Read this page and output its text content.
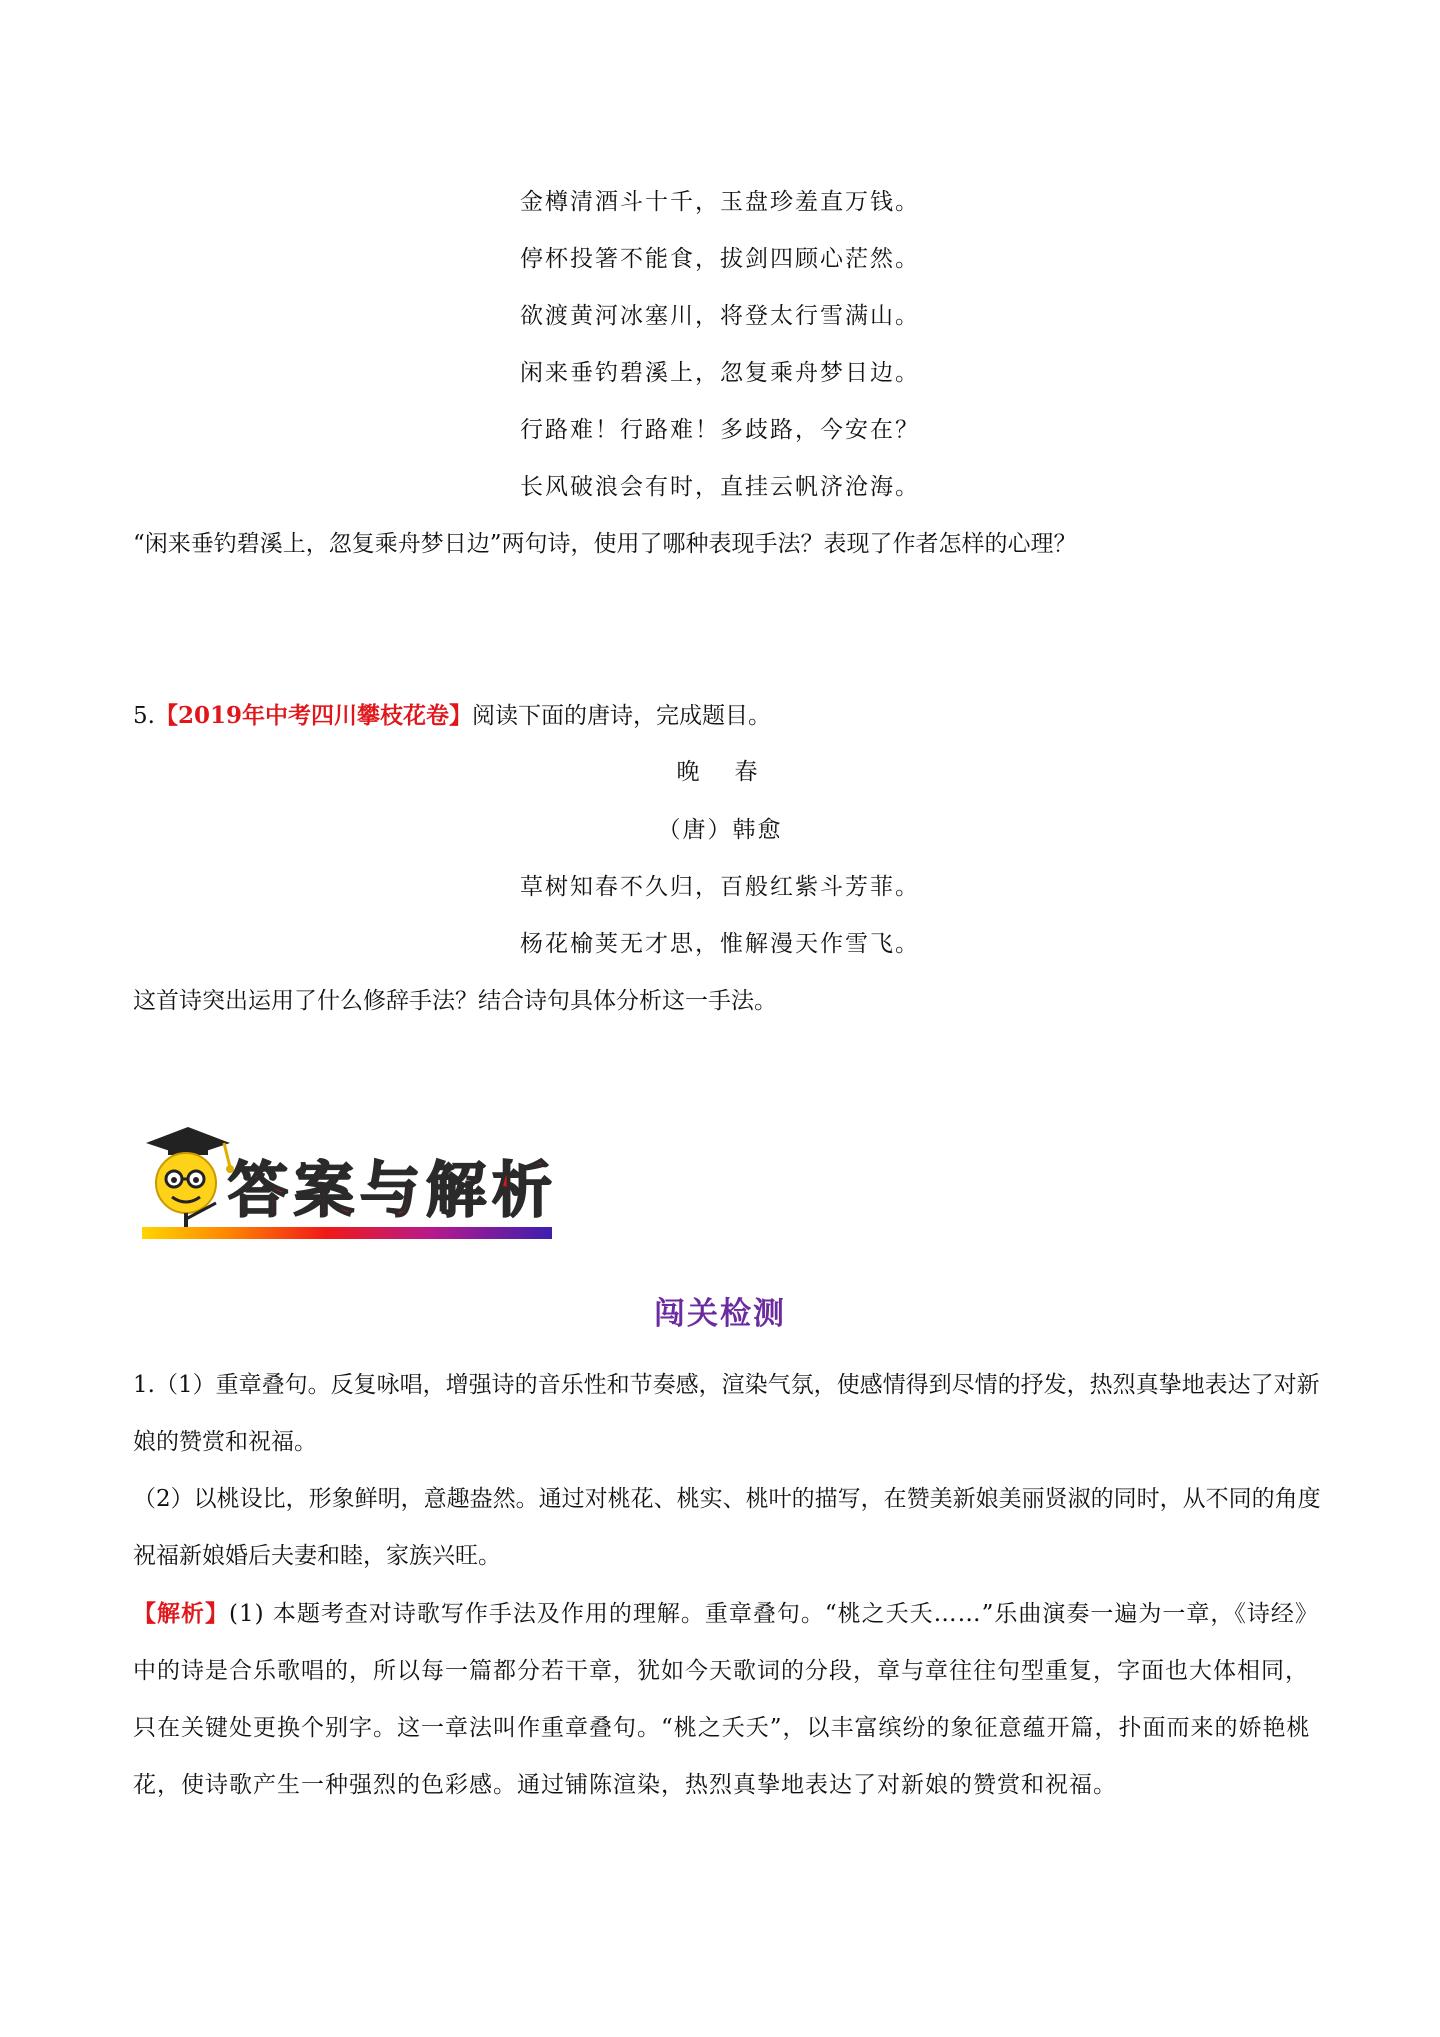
金樽清酒斗十千，玉盘珍羞直万钱。
停杯投箸不能食，拔剑四顾心茫然。
欲渡黄河冰塞川，将登太行雪满山。
闲来垂钓碧溪上，忽复乘舟梦日边。
行路难！行路难！多歧路，今安在？
长风破浪会有时，直挂云帆济沧海。
“闲来垂钓碧溪上，忽复乘舟梦日边”两句诗，使用了哪种表现手法？表现了作者怎样的心理？
5.【2019年中考四川攀枝花卷】阅读下面的唐诗，完成题目。
晚　春
（唐）韩愈
草树知春不久归，百般红紫斗芳菲。
杨花榆荚无才思，惟解漫天作雪飞。
这首诗突出运用了什么修辞手法？结合诗句具体分析这一手法。
答案与解析
闯关检测
1.（1）重章叠句。反复咏唱，增强诗的音乐性和节奏感，渲染气氛，使感情得到尽情的抒发，热烈真挚地表达了对新娘的赞赏和祝福。
（2）以桃设比，形象鲜明，意趣盎然。通过对桃花、桃实、桃叶的描写，在赞美新娘美丽贤淑的同时，从不同的角度祝福新娘婚后夫妻和睦，家族兴旺。
【解析】(1) 本题考查对诗歌写作手法及作用的理解。重章叠句。“桃之夭夭……”乐曲演奏一遍为一章，《诗经》中的诗是合乐歌唱的，所以每一篇都分若干章，犹如今天歌词的分段，章与章往往句型重复，字面也大体相同，只在关键处更换个别字。这一章法叫作重章叠句。“桃之夭夭”，以丰富缤纷的象征意蕴开篇，扑面而来的娇艳桃花，使诗歌产生一种强烈的色彩感。通过铺陈渲染，热烈真挚地表达了对新娘的赞赏和祝福。
